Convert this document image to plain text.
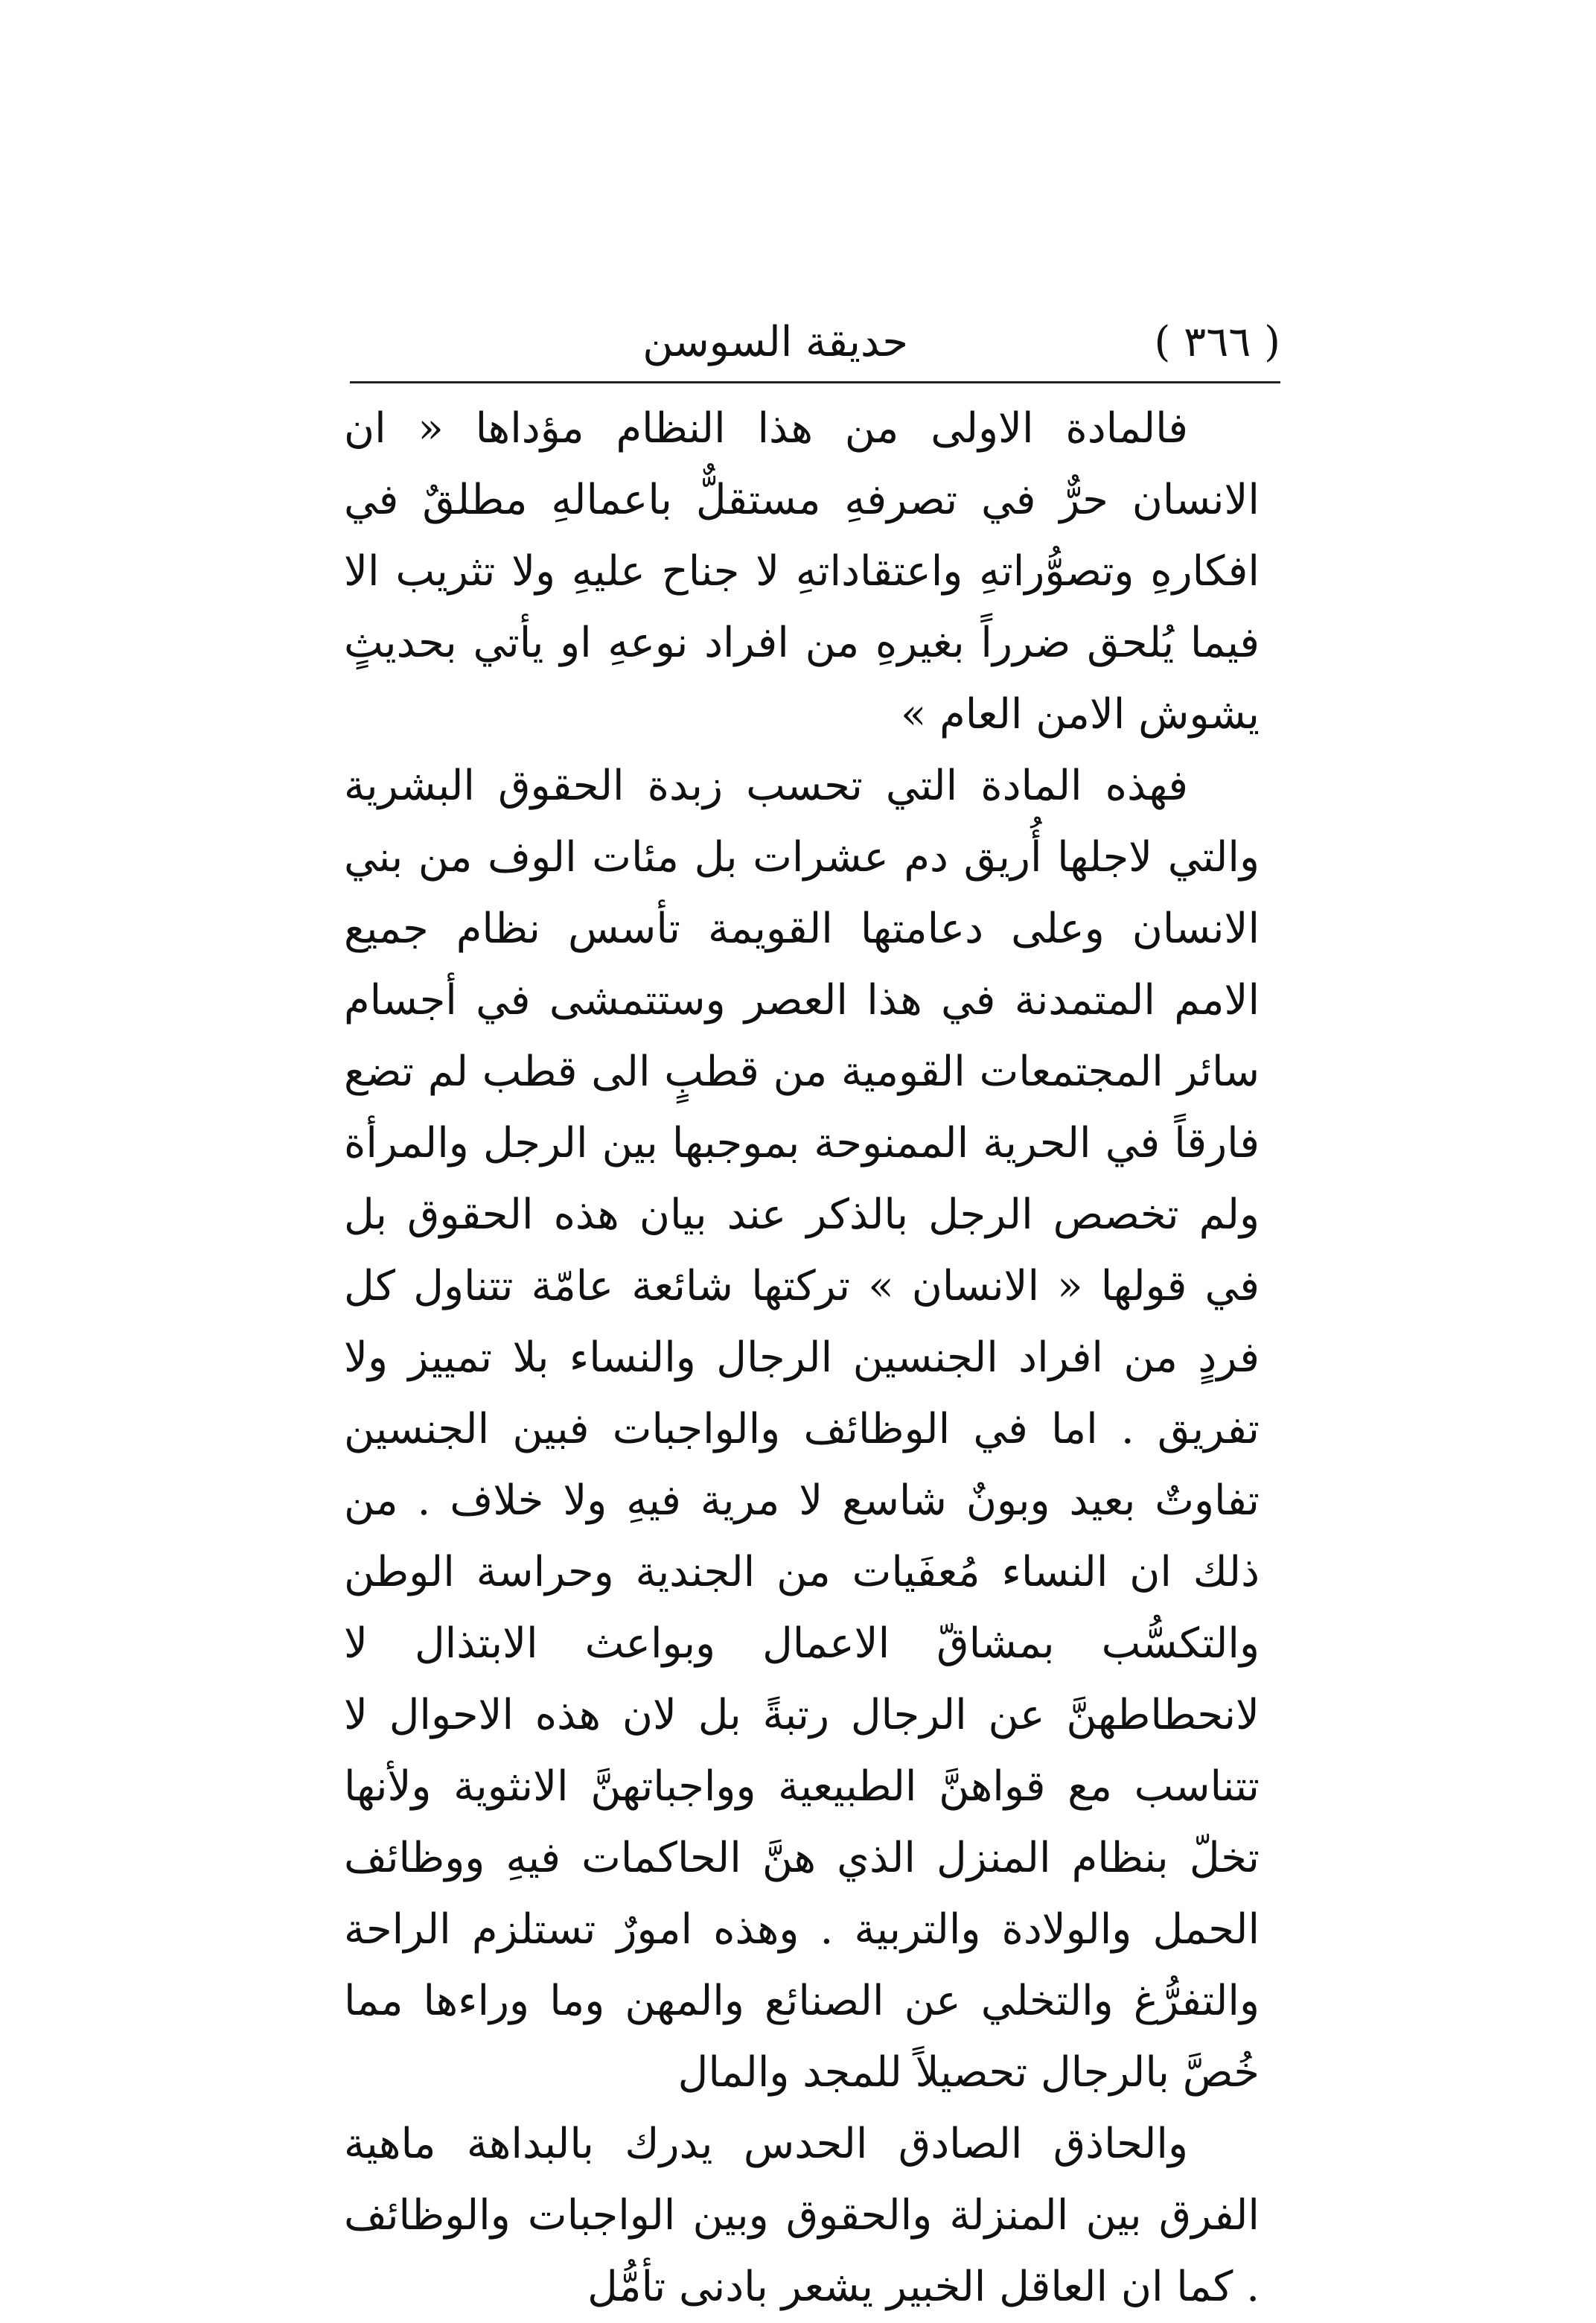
( ٣٦٦ )
حديقة السوسن

فالمادة الاولى من هذا النظام مؤداها « ان الانسان حرٌّ في تصرفهِ مستقلٌّ باعمالهِ مطلقٌ في افكارهِ وتصوُّراتهِ واعتقاداتهِ لا جناح عليهِ ولا تثريب الا فيما يُلحق ضرراً بغيرهِ من افراد نوعهِ او يأتي بحديثٍ يشوش الامن العام »

فهذه المادة التي تحسب زبدة الحقوق البشرية والتي لاجلها أُريق دم عشرات بل مئات الوف من بني الانسان وعلى دعامتها القويمة تأسس نظام جميع الامم المتمدنة في هذا العصر وستتمشى في أجسام سائر المجتمعات القومية من قطبٍ الى قطب لم تضع فارقاً في الحرية الممنوحة بموجبها بين الرجل والمرأة ولم تخصص الرجل بالذكر عند بيان هذه الحقوق بل في قولها « الانسان » تركتها شائعة عامّة تتناول كل فردٍ من افراد الجنسين الرجال والنساء بلا تمييز ولا تفريق . اما في الوظائف والواجبات فبين الجنسين تفاوتٌ بعيد وبونٌ شاسع لا مرية فيهِ ولا خلاف . من ذلك ان النساء مُعفَيات من الجندية وحراسة الوطن والتكسُّب بمشاقّ الاعمال وبواعث الابتذال لا لانحطاطهنَّ عن الرجال رتبةً بل لان هذه الاحوال لا تتناسب مع قواهنَّ الطبيعية وواجباتهنَّ الانثوية ولأنها تخلّ بنظام المنزل الذي هنَّ الحاكمات فيهِ ووظائف الحمل والولادة والتربية . وهذه امورٌ تستلزم الراحة والتفرُّغ والتخلي عن الصنائع والمهن وما وراءها مما خُصَّ بالرجال تحصيلاً للمجد والمال

والحاذق الصادق الحدس يدرك بالبداهة ماهية الفرق بين المنزلة والحقوق وبين الواجبات والوظائف . كما ان العاقل الخبير يشعر بادنى تأمُّل
